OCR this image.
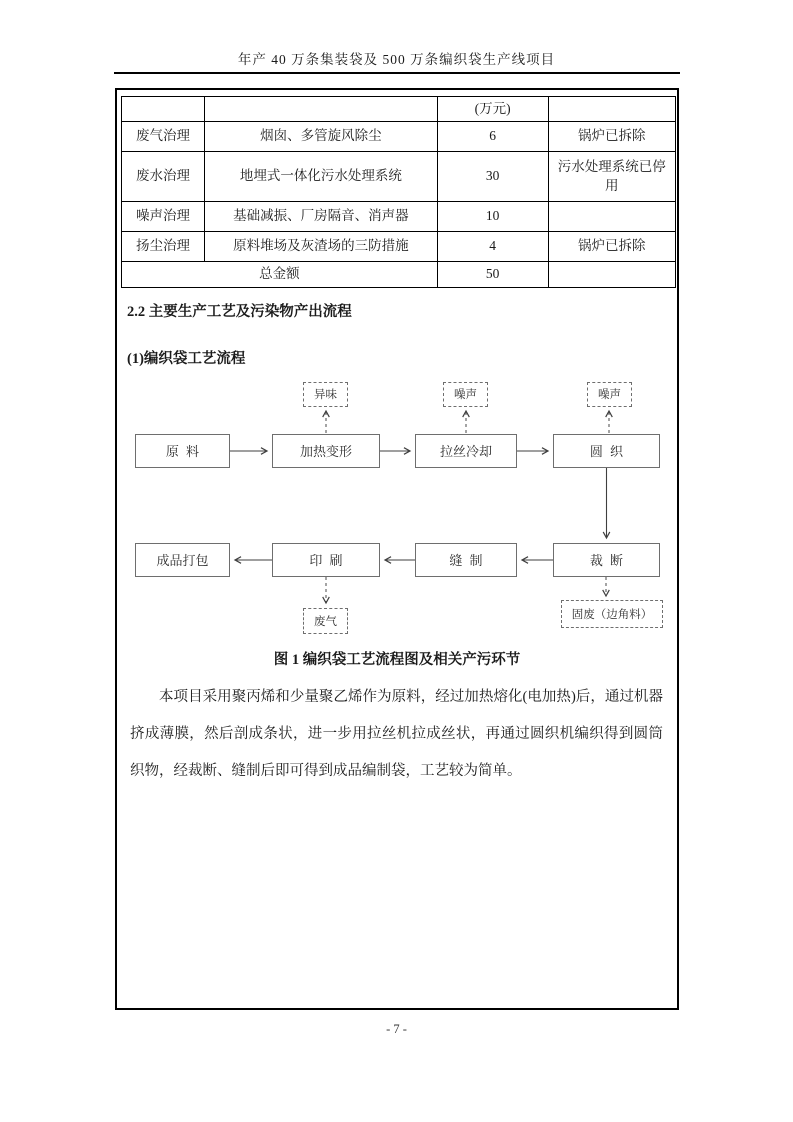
年产 40 万条集装袋及 500 万条编织袋生产线项目
		(万元)	
废气治理	烟囱、多管旋风除尘	6	锅炉已拆除
废水治理	地埋式一体化污水处理系统	30	污水处理系统已停用
噪声治理	基础减振、厂房隔音、消声器	10	
扬尘治理	原料堆场及灰渣场的三防措施	4	锅炉已拆除
总金额		50	
2.2 主要生产工艺及污染物产出流程
(1)编织袋工艺流程
异味	噪声	噪声
原料	加热变形	拉丝冷却	圆织
成品打包	印刷	缝制	裁断
废气
固废（边角料）
图 1 编织袋工艺流程图及相关产污环节

本项目采用聚丙烯和少量聚乙烯作为原料，经过加热熔化(电加热)后，通过机器挤成薄膜，然后剖成条状，进一步用拉丝机拉成丝状，再通过圆织机编织得到圆筒织物，经裁断、缝制后即可得到成品编制袋，工艺较为简单。

- 7 -
